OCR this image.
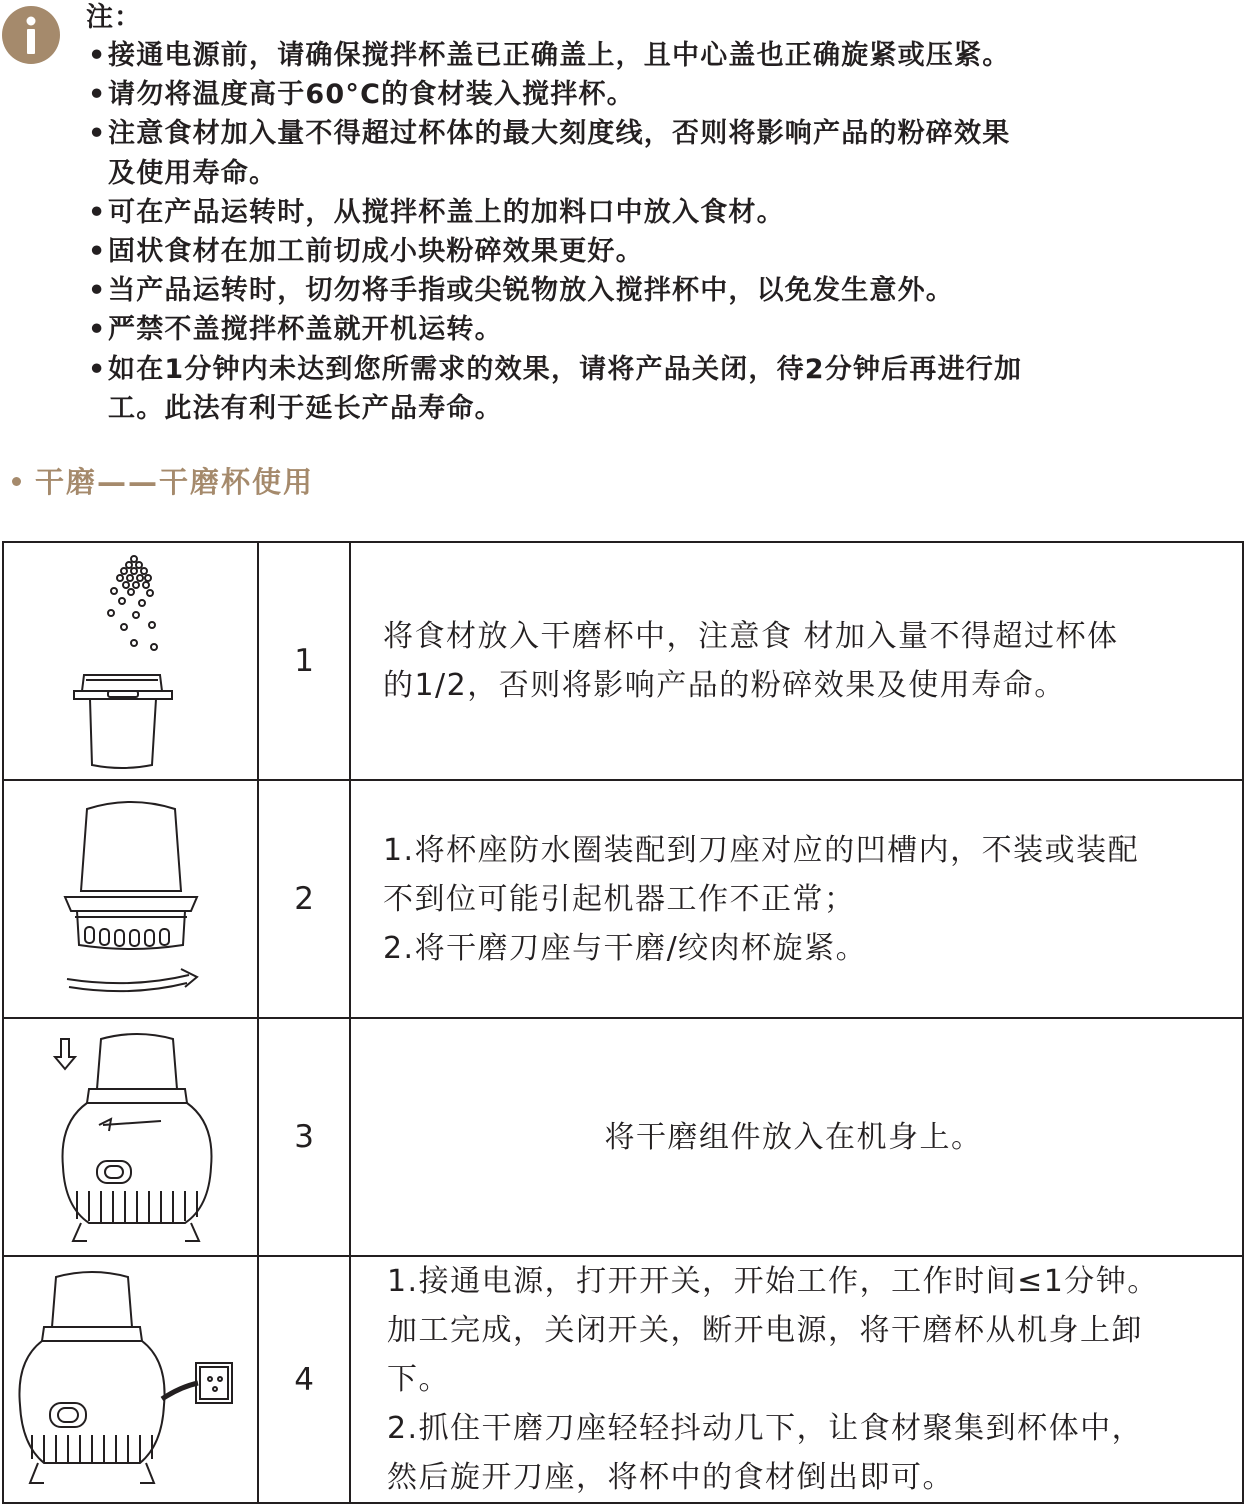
注：
• 接通电源前，请确保搅拌杯盖已正确盖上，且中心盖也正确旋紧或压紧。
• 请勿将温度高于60°C的食材装入搅拌杯。
• 注意食材加入量不得超过杯体的最大刻度线，否则将影响产品的粉碎效果
及使用寿命。
• 可在产品运转时，从搅拌杯盖上的加料口中放入食材。
• 固状食材在加工前切成小块粉碎效果更好。
• 当产品运转时，切勿将手指或尖锐物放入搅拌杯中，以免发生意外。
• 严禁不盖搅拌杯盖就开机运转。
• 如在1分钟内未达到您所需求的效果，请将产品关闭，待2分钟后再进行加
工。此法有利于延长产品寿命。
干磨——干磨杯使用
	1	将食材放入干磨杯中，注意食 材加入量不得超过杯体
的1/2，否则将影响产品的粉碎效果及使用寿命。

	2	1.将杯座防水圈装配到刀座对应的凹槽内，不装或装配
不到位可能引起机器工作不正常；
2.将干磨刀座与干磨/绞肉杯旋紧。

	3	将干磨组件放入在机身上。

	4	1.接通电源，打开开关，开始工作，工作时间≤1分钟。
加工完成，关闭开关，断开电源，将干磨杯从机身上卸
下。
2.抓住干磨刀座轻轻抖动几下，让食材聚集到杯体中，
然后旋开刀座，将杯中的食材倒出即可。
